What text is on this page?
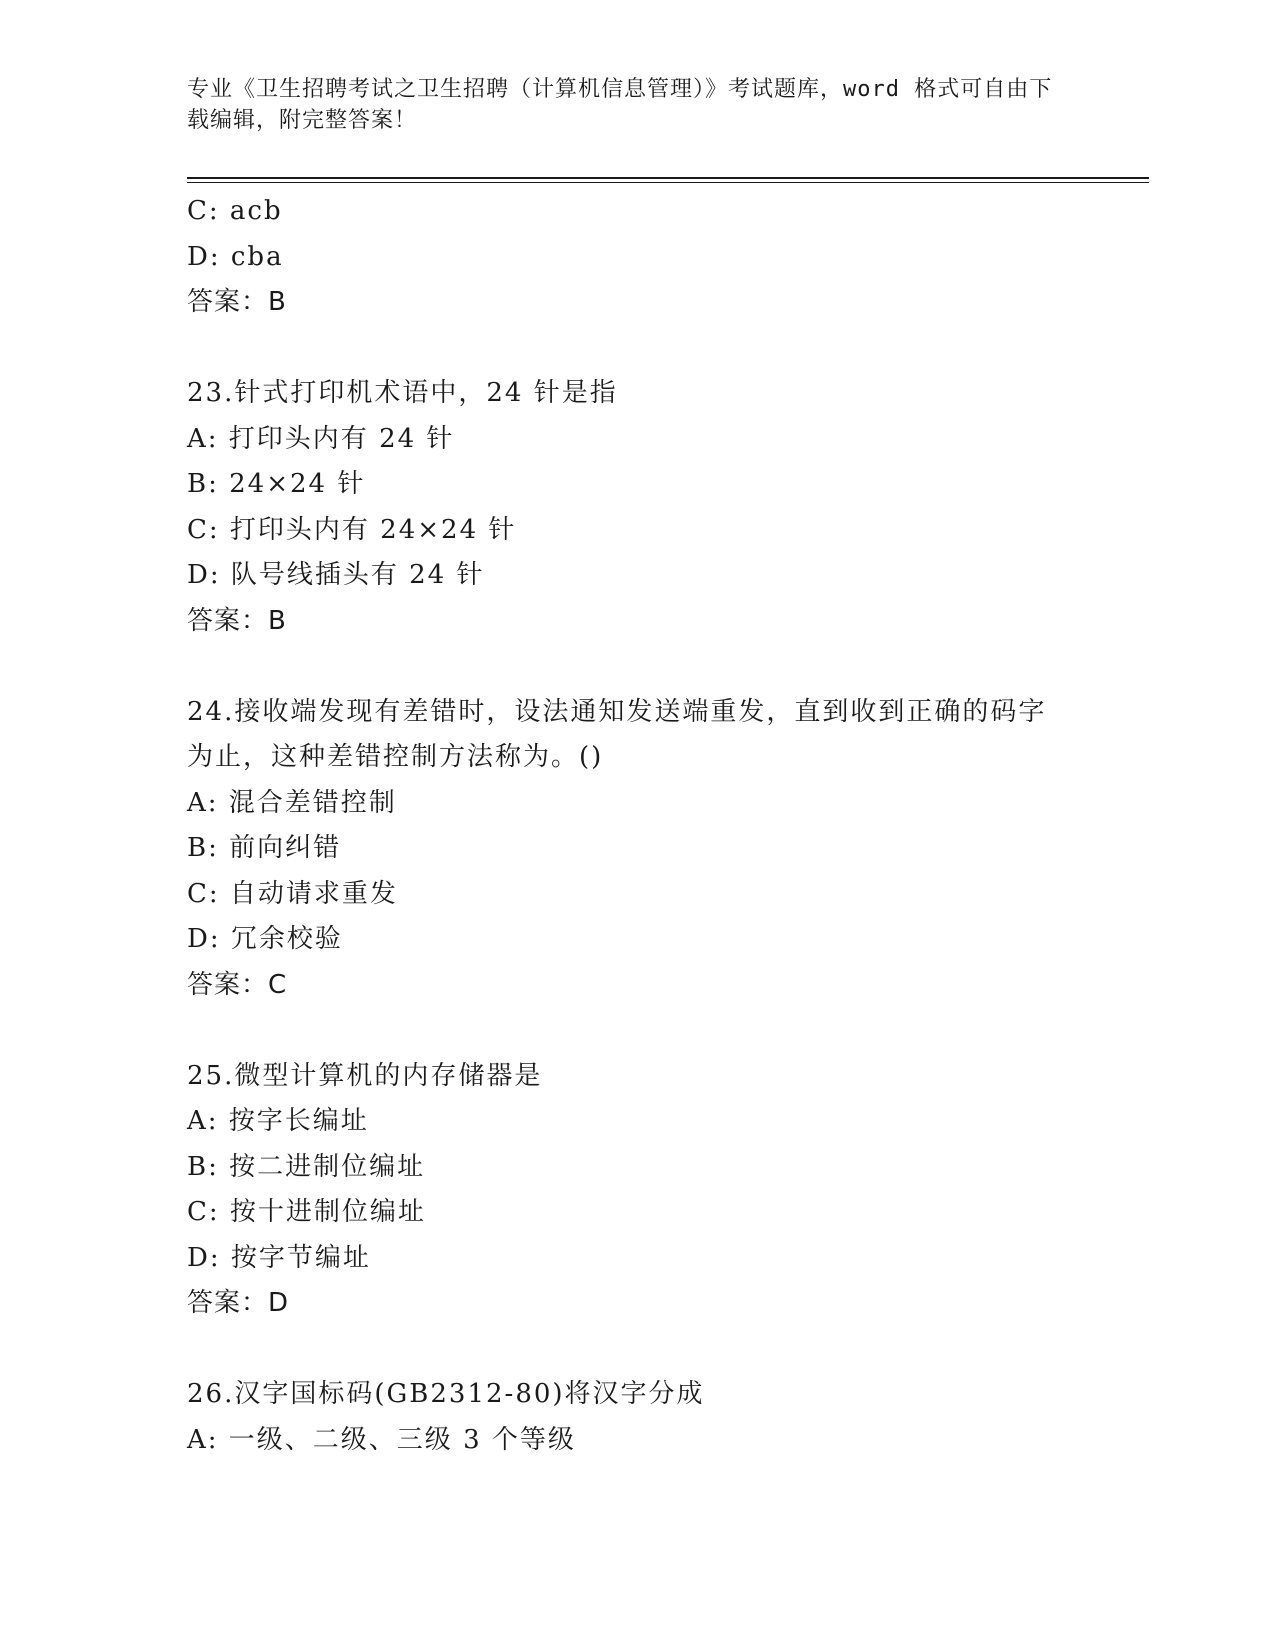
专业《卫生招聘考试之卫生招聘（计算机信息管理）》考试题库，word 格式可自由下载编辑，附完整答案！
C: acb
D: cba
答案：B
23.针式打印机术语中，24 针是指
A: 打印头内有 24 针
B: 24×24 针
C: 打印头内有 24×24 针
D: 队号线插头有 24 针
答案：B
24.接收端发现有差错时，设法通知发送端重发，直到收到正确的码字为止，这种差错控制方法称为。()
A: 混合差错控制
B: 前向纠错
C: 自动请求重发
D: 冗余校验
答案：C
25.微型计算机的内存储器是
A: 按字长编址
B: 按二进制位编址
C: 按十进制位编址
D: 按字节编址
答案：D
26.汉字国标码(GB2312-80)将汉字分成
A: 一级、二级、三级 3 个等级
